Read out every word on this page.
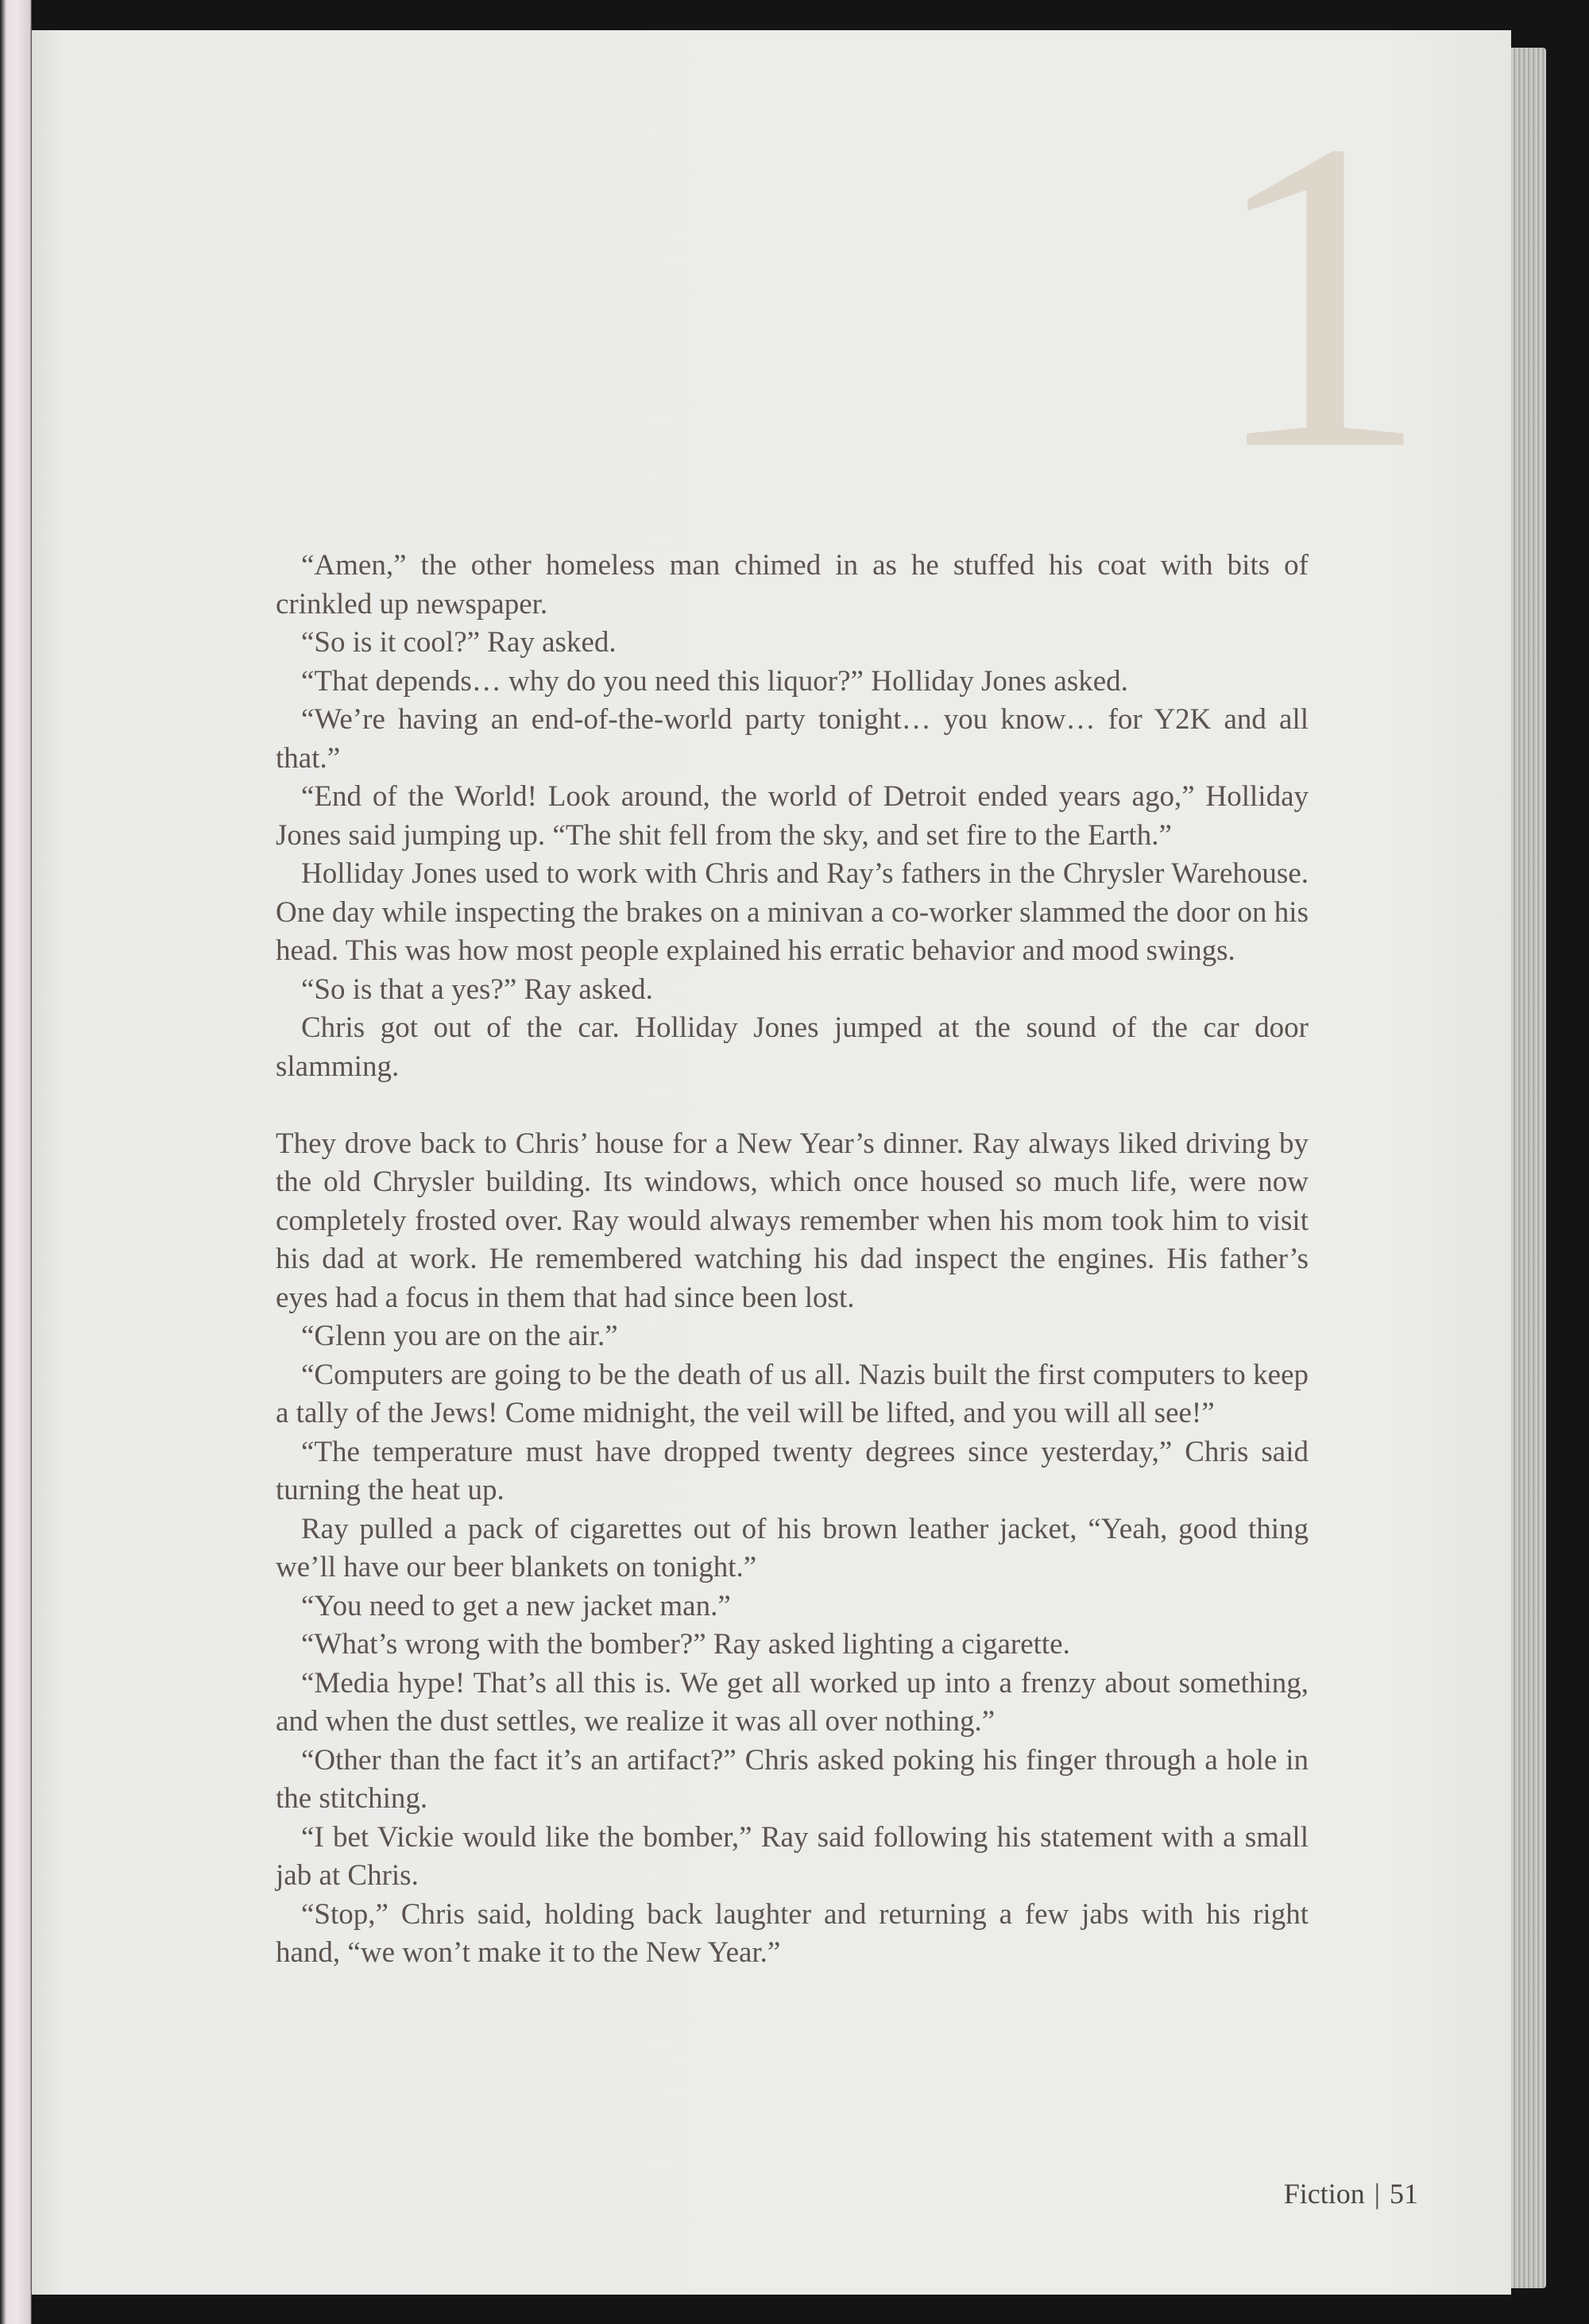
1

“Amen,” the other homeless man chimed in as he stuffed his coat with bits of crinkled up newspaper.

“So is it cool?” Ray asked.

“That depends… why do you need this liquor?” Holliday Jones asked.

“We’re having an end-of-the-world party tonight… you know… for Y2K and all that.”

“End of the World! Look around, the world of Detroit ended years ago,” Holliday Jones said jumping up. “The shit fell from the sky, and set fire to the Earth.”

Holliday Jones used to work with Chris and Ray’s fathers in the Chrysler Warehouse. One day while inspecting the brakes on a minivan a co-worker slammed the door on his head. This was how most people explained his erratic behavior and mood swings.

“So is that a yes?” Ray asked.

Chris got out of the car. Holliday Jones jumped at the sound of the car door slamming.

They drove back to Chris’ house for a New Year’s dinner. Ray always liked driving by the old Chrysler building. Its windows, which once housed so much life, were now completely frosted over. Ray would always remember when his mom took him to visit his dad at work. He remembered watching his dad inspect the engines. His father’s eyes had a focus in them that had since been lost.

“Glenn you are on the air.”

“Computers are going to be the death of us all. Nazis built the first computers to keep a tally of the Jews! Come midnight, the veil will be lifted, and you will all see!”

“The temperature must have dropped twenty degrees since yesterday,” Chris said turning the heat up.

Ray pulled a pack of cigarettes out of his brown leather jacket, “Yeah, good thing we’ll have our beer blankets on tonight.”

“You need to get a new jacket man.”

“What’s wrong with the bomber?” Ray asked lighting a cigarette.

“Media hype! That’s all this is. We get all worked up into a frenzy about something, and when the dust settles, we realize it was all over nothing.”

“Other than the fact it’s an artifact?” Chris asked poking his finger through a hole in the stitching.

“I bet Vickie would like the bomber,” Ray said following his statement with a small jab at Chris.

“Stop,” Chris said, holding back laughter and returning a few jabs with his right hand, “we won’t make it to the New Year.”

Fiction | 51
